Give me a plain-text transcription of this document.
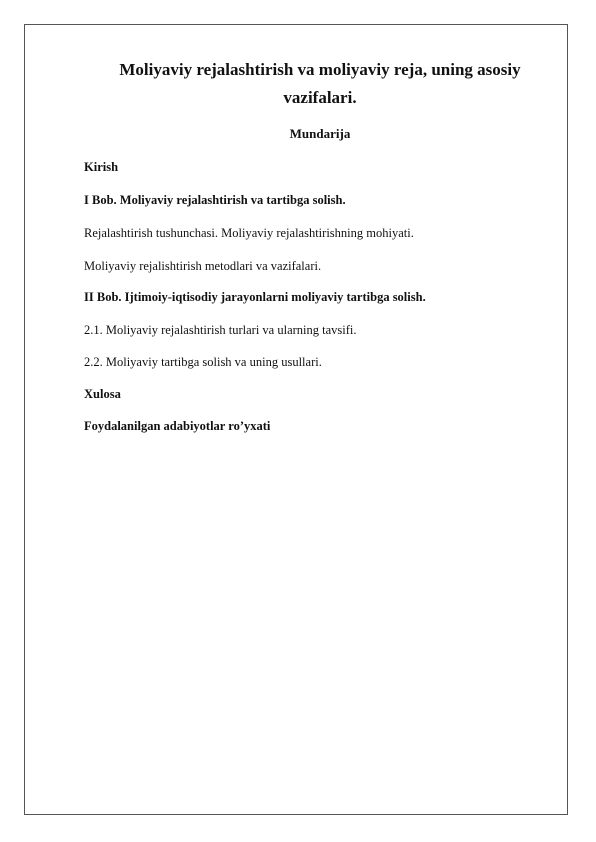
Moliyaviy rejalashtirish va moliyaviy reja, uning asosiy vazifalari.
Mundarija
Kirish
I Bob. Moliyaviy rejalashtirish va tartibga solish.
Rejalashtirish tushunchasi. Moliyaviy rejalashtirishning mohiyati.
Moliyaviy rejalishtirish metodlari va vazifalari.
II Bob. Ijtimoiy-iqtisodiy jarayonlarni moliyaviy tartibga solish.
2.1. Moliyaviy rejalashtirish turlari va ularning tavsifi.
2.2. Moliyaviy tartibga solish va uning usullari.
Xulosa
Foydalanilgan adabiyotlar ro’yxati
